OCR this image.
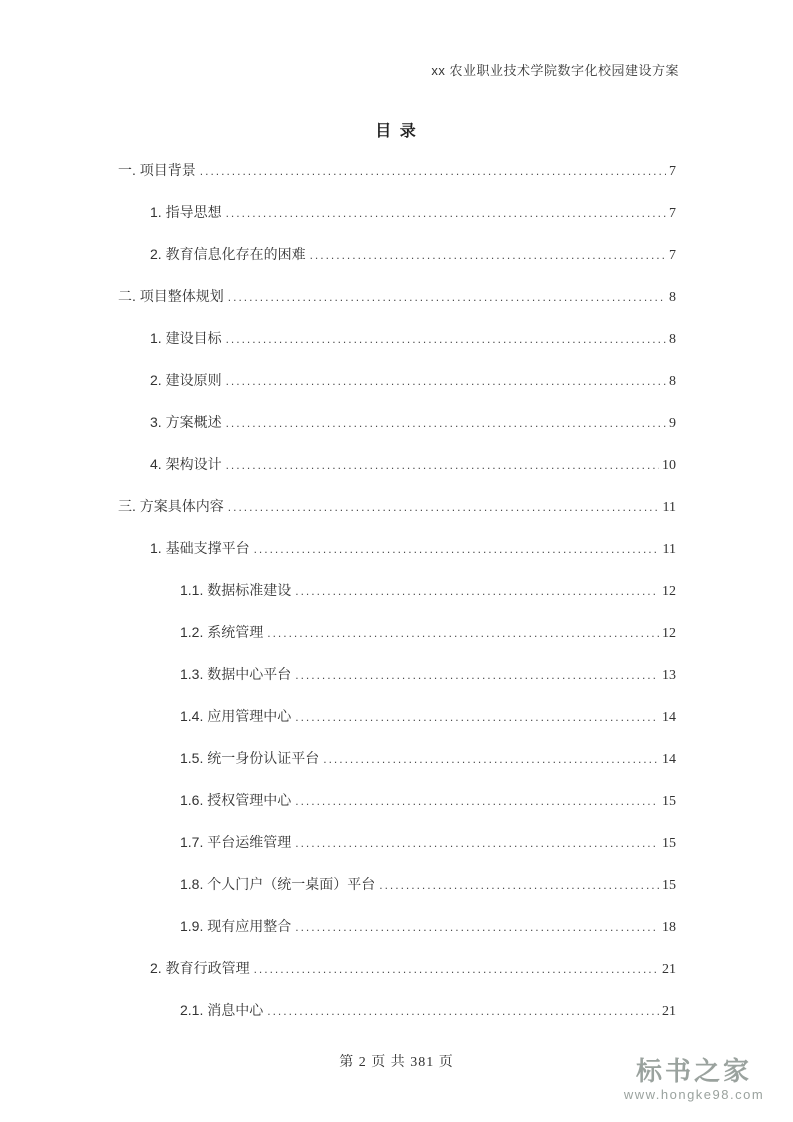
xx 农业职业技术学院数字化校园建设方案
目 录
一. 项目背景 .....	7
1. 指导思想 .....	7
2. 教育信息化存在的困难 .....	7
二. 项目整体规划 .....	8
1. 建设目标 .....	8
2. 建设原则 .....	8
3. 方案概述 .....	9
4. 架构设计 .....	10
三. 方案具体内容 .....	11
1. 基础支撑平台 .....	11
1.1. 数据标准建设 .....	12
1.2. 系统管理 .....	12
1.3. 数据中心平台 .....	13
1.4. 应用管理中心 .....	14
1.5. 统一身份认证平台 .....	14
1.6. 授权管理中心 .....	15
1.7. 平台运维管理 .....	15
1.8. 个人门户（统一桌面）平台 .....	15
1.9. 现有应用整合 .....	18
2. 教育行政管理 .....	21
2.1. 消息中心 .....	21
第 2 页 共 381 页	标书之家
www.hongke98.com
